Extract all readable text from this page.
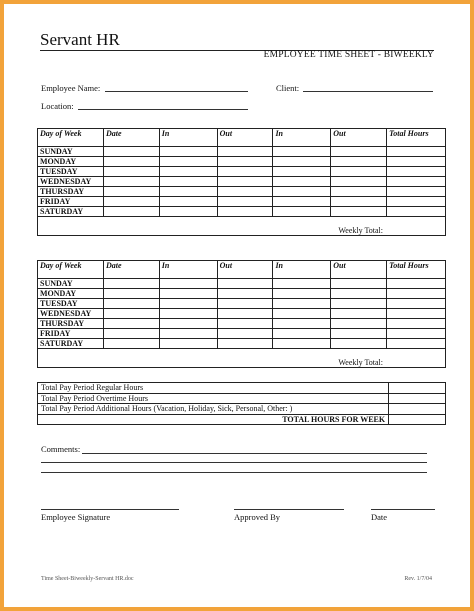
Servant HR
EMPLOYEE TIME SHEET - BIWEEKLY
Employee Name:	Client:
Location:
Day of Week	Date	In	Out	In	Out	Total Hours
SUNDAY						
MONDAY						
TUESDAY						
WEDNESDAY						
THURSDAY						
FRIDAY						
SATURDAY						
Weekly Total:						
Day of Week	Date	In	Out	In	Out	Total Hours
SUNDAY						
MONDAY						
TUESDAY						
WEDNESDAY						
THURSDAY						
FRIDAY						
SATURDAY						
Weekly Total:						
Total Pay Period Regular Hours	
Total Pay Period Overtime Hours	
Total Pay Period Additional Hours (Vacation, Holiday, Sick, Personal, Other: )	
TOTAL HOURS FOR WEEK	
Comments:
Employee Signature	Approved By	Date
Time Sheet-Biweekly-Servant HR.doc	Rev. 1/7/04
